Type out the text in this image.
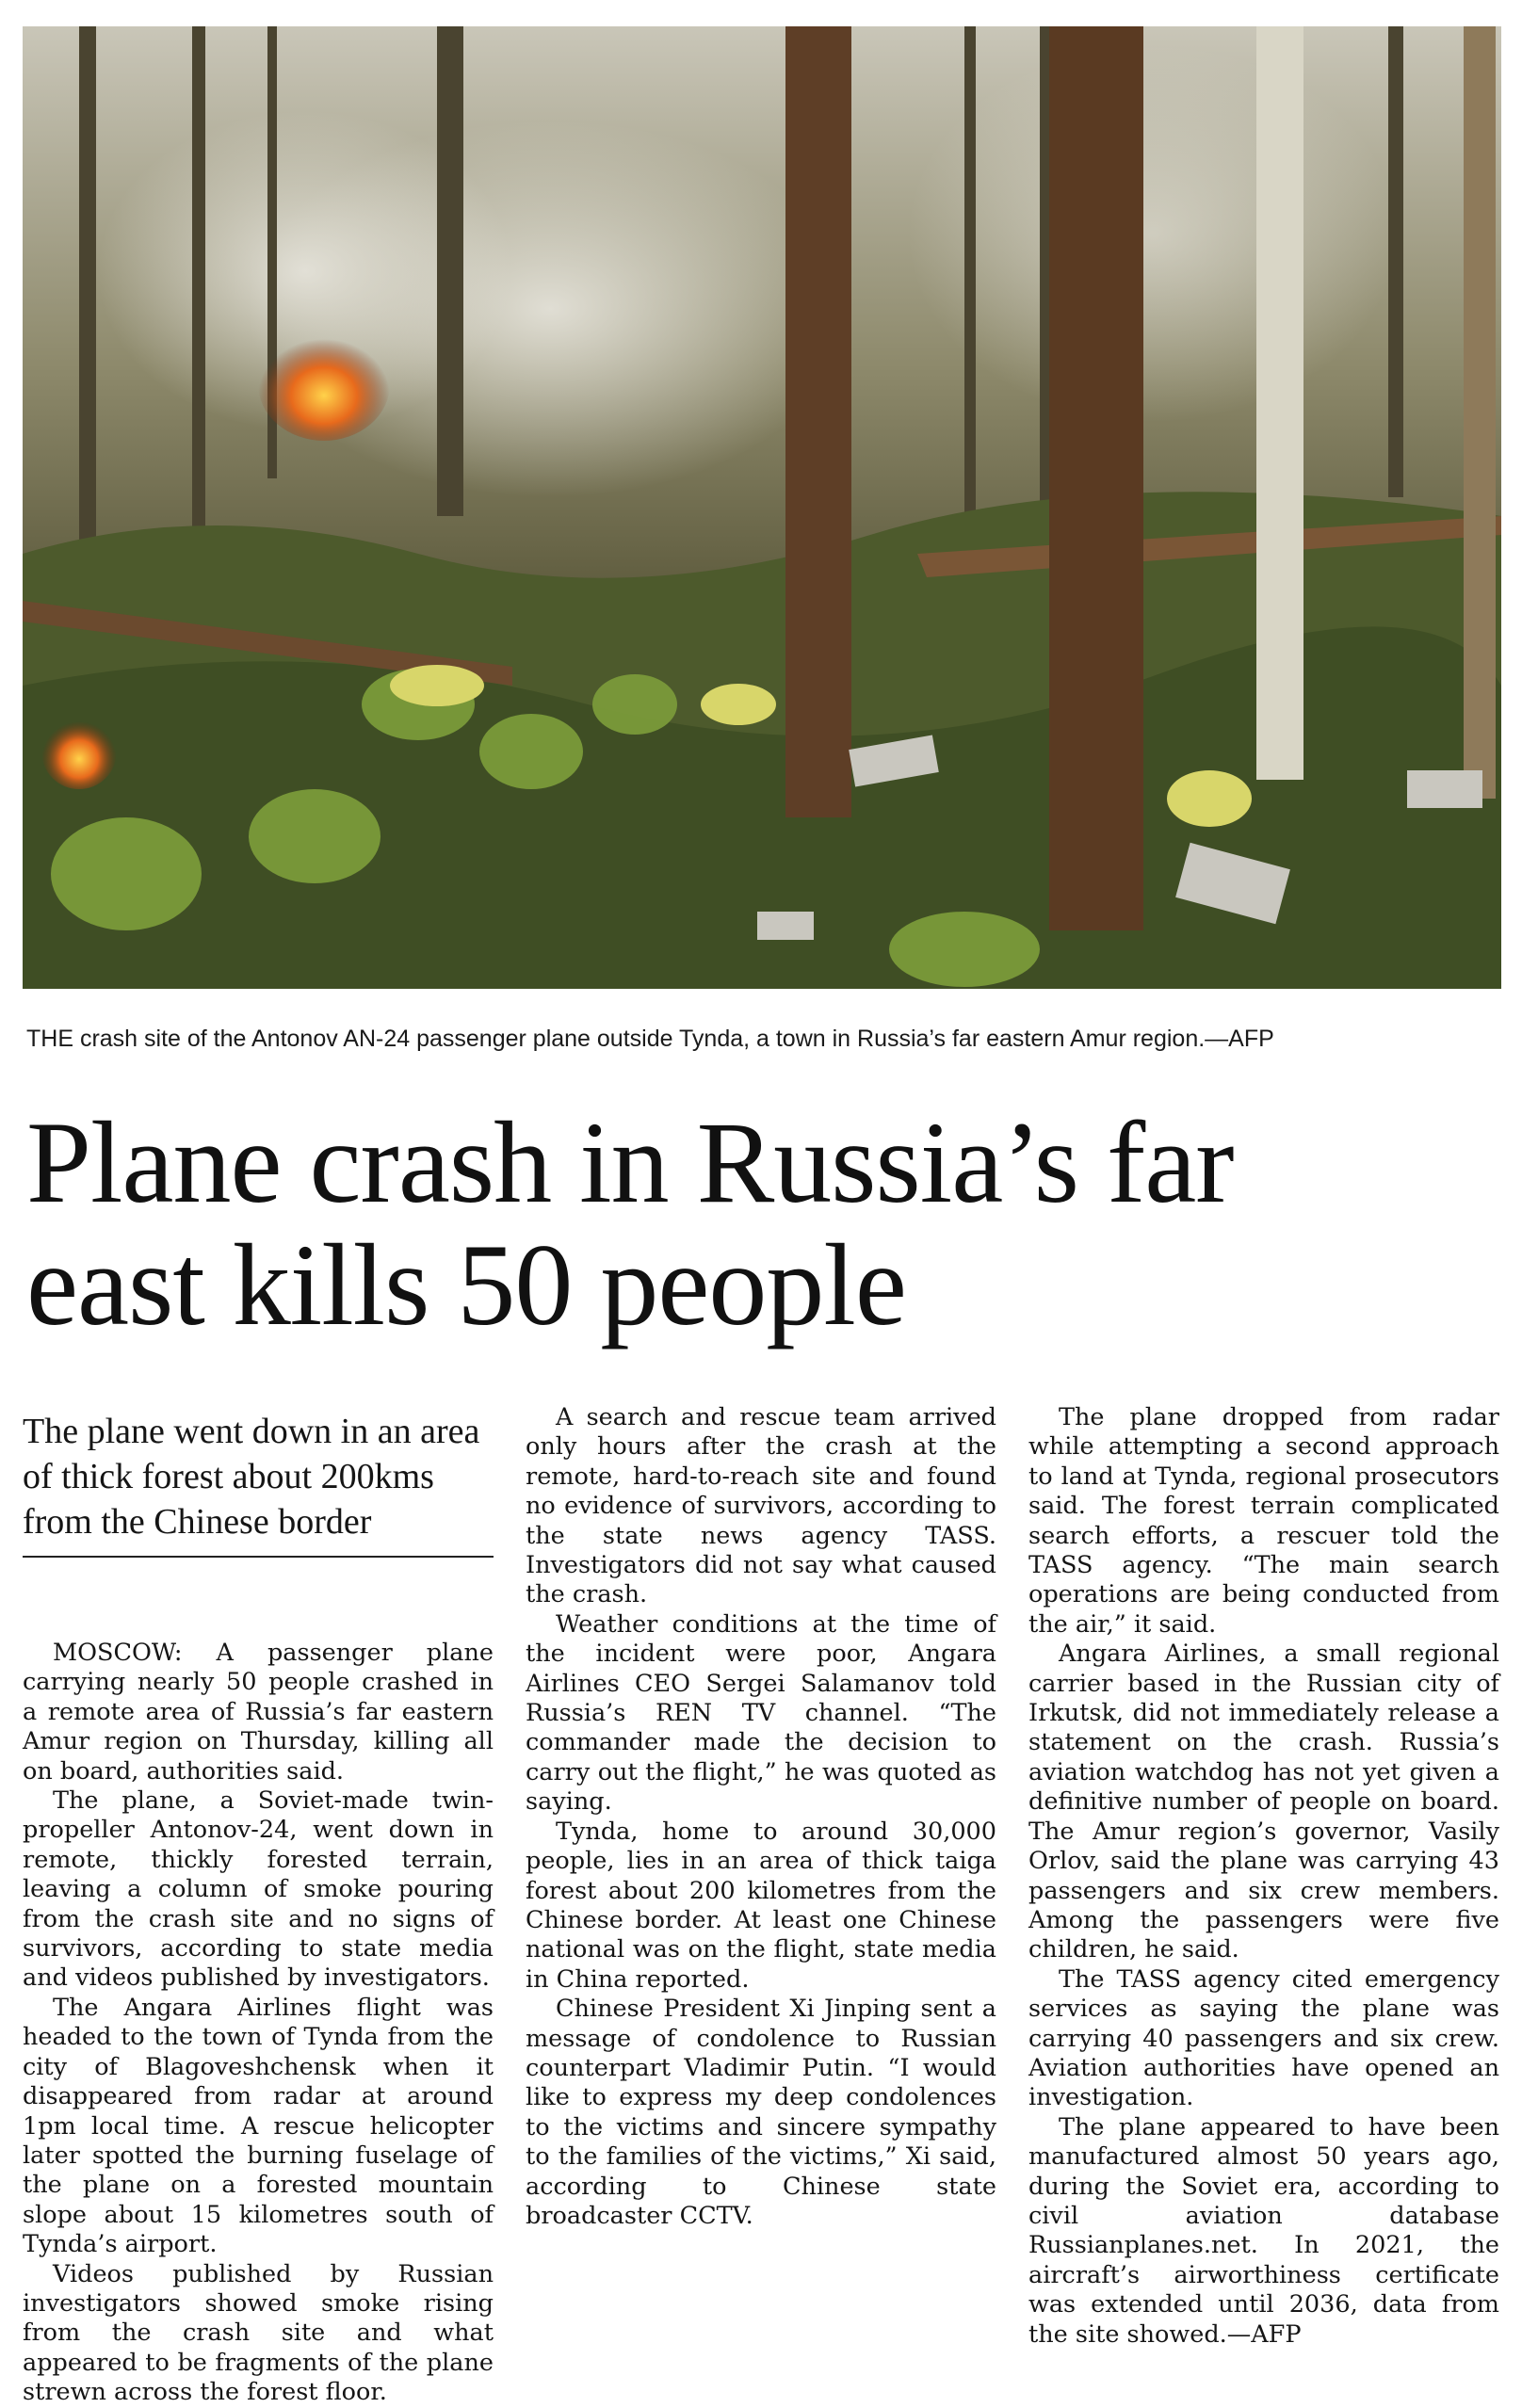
THE crash site of the Antonov AN-24 passenger plane outside Tynda, a town in Russia’s far eastern Amur region.—AFP

Plane crash in Russia’s far
east kills 50 people

The plane went down in an area of thick forest about 200kms from the Chinese border

MOSCOW: A passenger plane carrying nearly 50 people crashed in a remote area of Russia’s far eastern Amur region on Thursday, killing all on board, authorities said.

The plane, a Soviet-made twin-propeller Antonov-24, went down in remote, thickly forested terrain, leaving a column of smoke pouring from the crash site and no signs of survivors, according to state media and videos published by investigators.

The Angara Airlines flight was headed to the town of Tynda from the city of Blagoveshchensk when it disappeared from radar at around 1pm local time. A rescue helicopter later spotted the burning fuselage of the plane on a forested mountain slope about 15 kilometres south of Tynda’s airport.

Videos published by Russian investigators showed smoke rising from the crash site and what appeared to be fragments of the plane strewn across the forest floor.

A search and rescue team arrived only hours after the crash at the remote, hard-to-reach site and found no evidence of survivors, according to the state news agency TASS. Investigators did not say what caused the crash.

Weather conditions at the time of the incident were poor, Angara Airlines CEO Sergei Salamanov told Russia’s REN TV channel. “The commander made the decision to carry out the flight,” he was quoted as saying.

Tynda, home to around 30,000 people, lies in an area of thick taiga forest about 200 kilometres from the Chinese border. At least one Chinese national was on the flight, state media in China reported.

Chinese President Xi Jinping sent a message of condolence to Russian counterpart Vladimir Putin. “I would like to express my deep condolences to the victims and sincere sympathy to the families of the victims,” Xi said, according to Chinese state broadcaster CCTV.

The plane dropped from radar while attempting a second approach to land at Tynda, regional prosecutors said. The forest terrain complicated search efforts, a rescuer told the TASS agency. “The main search operations are being conducted from the air,” it said.

Angara Airlines, a small regional carrier based in the Russian city of Irkutsk, did not immediately release a statement on the crash. Russia’s aviation watchdog has not yet given a definitive number of people on board. The Amur region’s governor, Vasily Orlov, said the plane was carrying 43 passengers and six crew members. Among the passengers were five children, he said.

The TASS agency cited emergency services as saying the plane was carrying 40 passengers and six crew. Aviation authorities have opened an investigation.

The plane appeared to have been manufactured almost 50 years ago, during the Soviet era, according to civil aviation database Russianplanes.net. In 2021, the aircraft’s airworthiness certificate was extended until 2036, data from the site showed.—AFP
